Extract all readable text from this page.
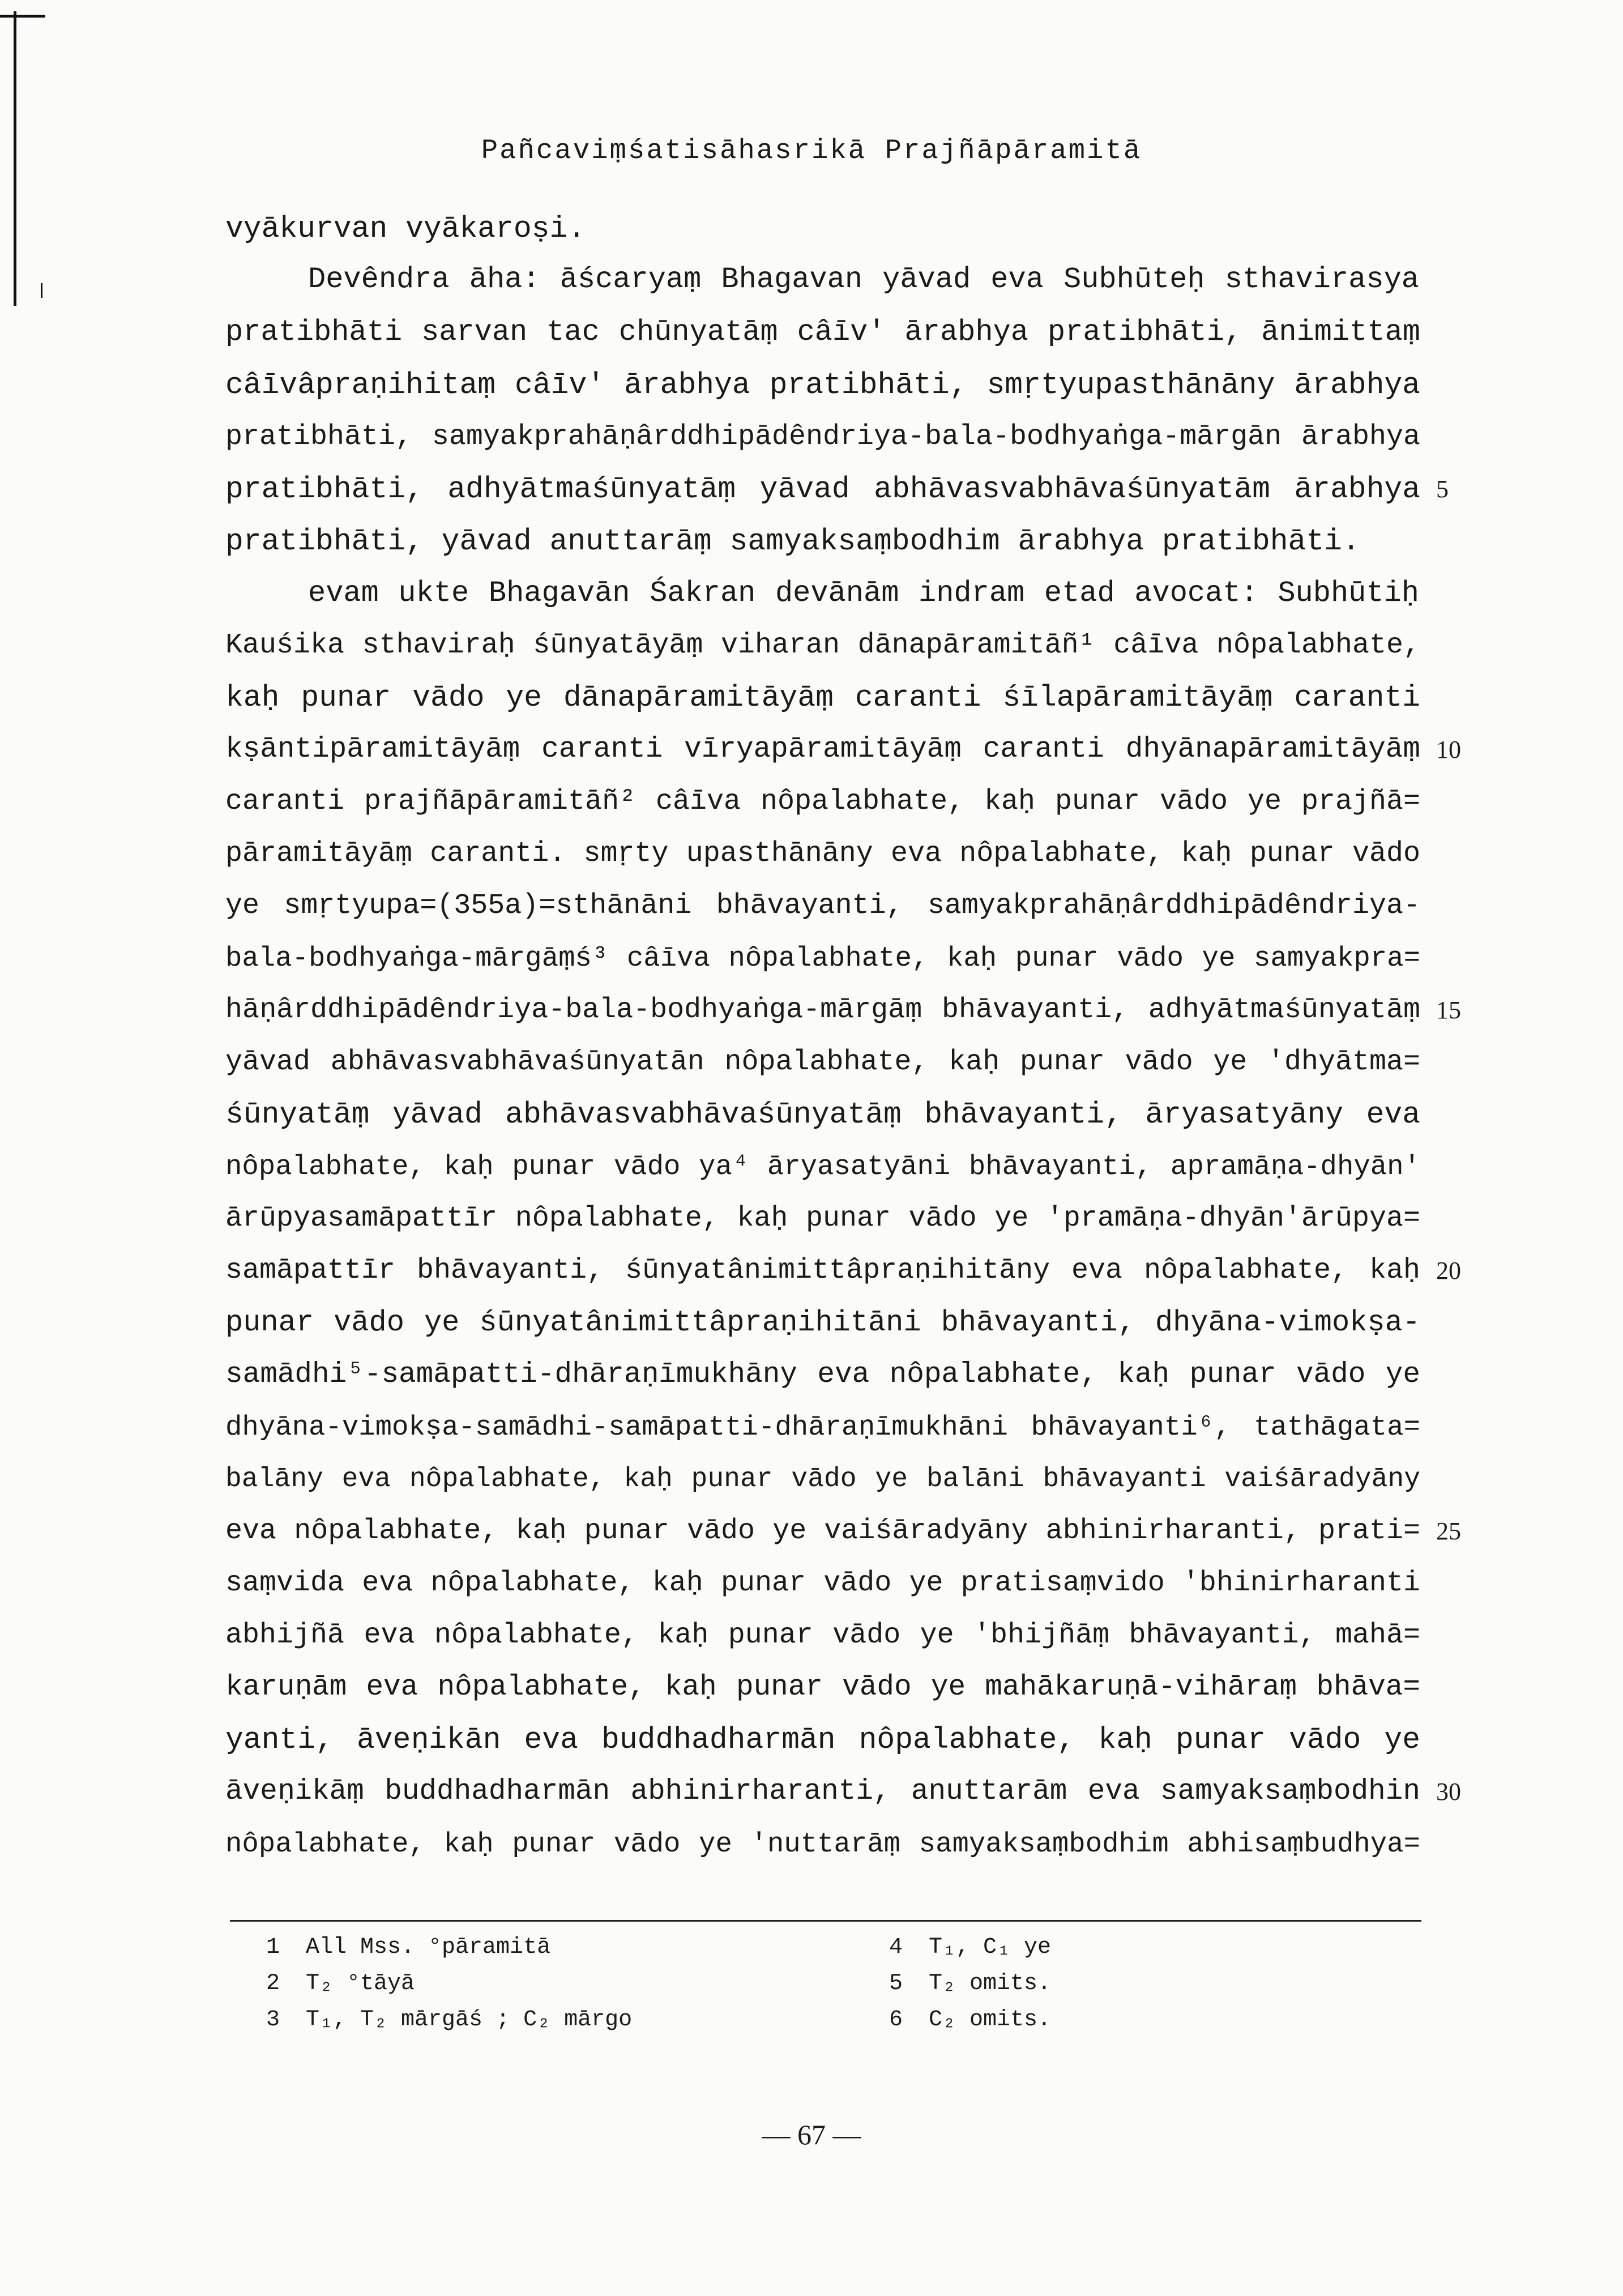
Pañcaviṃśatisāhasrikā Prajñāpāramitā
vyākurvan vyākaroṣi.
Devêndra āha: āścaryaṃ Bhagavan yāvad eva Subhūteḥ sthavirasya
pratibhāti sarvan tac chūnyatāṃ câīv' ārabhya pratibhāti, ānimittaṃ
câīvâpraṇihitaṃ câīv' ārabhya pratibhāti, smṛtyupasthānāny ārabhya
pratibhāti, samyakprahāṇârddhipādêndriya-bala-bodhyaṅga-mārgān ārabhya
pratibhāti, adhyātmaśūnyatāṃ yāvad abhāvasvabhāvaśūnyatām ārabhya
pratibhāti, yāvad anuttarāṃ samyaksaṃbodhim ārabhya pratibhāti.
evam ukte Bhagavān Śakran devānām indram etad avocat: Subhūtiḥ
Kauśika sthaviraḥ śūnyatāyāṃ viharan dānapāramitāñ¹ câīva nôpalabhate,
kaḥ punar vādo ye dānapāramitāyāṃ caranti śīlapāramitāyāṃ caranti
kṣāntipāramitāyāṃ caranti vīryapāramitāyāṃ caranti dhyānapāramitāyāṃ
caranti prajñāpāramitāñ² câīva nôpalabhate, kaḥ punar vādo ye prajñā=
pāramitāyāṃ caranti. smṛty upasthānāny eva nôpalabhate, kaḥ punar vādo
ye smṛtyupa=(355a)=sthānāni bhāvayanti, samyakprahāṇârddhipādêndriya-
bala-bodhyaṅga-mārgāṃś³ câīva nôpalabhate, kaḥ punar vādo ye samyakpra=
hāṇârddhipādêndriya-bala-bodhyaṅga-mārgāṃ bhāvayanti, adhyātmaśūnyatāṃ
yāvad abhāvasvabhāvaśūnyatān nôpalabhate, kaḥ punar vādo ye 'dhyātma=
śūnyatāṃ yāvad abhāvasvabhāvaśūnyatāṃ bhāvayanti, āryasatyāny eva
nôpalabhate, kaḥ punar vādo ya⁴ āryasatyāni bhāvayanti, apramāṇa-dhyān'
ārūpyasamāpattīr nôpalabhate, kaḥ punar vādo ye 'pramāṇa-dhyān'ārūpya=
samāpattīr bhāvayanti, śūnyatânimittâpraṇihitāny eva nôpalabhate, kaḥ
punar vādo ye śūnyatânimittâpraṇihitāni bhāvayanti, dhyāna-vimokṣa-
samādhi⁵-samāpatti-dhāraṇīmukhāny eva nôpalabhate, kaḥ punar vādo ye
dhyāna-vimokṣa-samādhi-samāpatti-dhāraṇīmukhāni bhāvayanti⁶, tathāgata=
balāny eva nôpalabhate, kaḥ punar vādo ye balāni bhāvayanti vaiśāradyāny
eva nôpalabhate, kaḥ punar vādo ye vaiśāradyāny abhinirharanti, prati=
saṃvida eva nôpalabhate, kaḥ punar vādo ye pratisaṃvido 'bhinirharanti
abhijñā eva nôpalabhate, kaḥ punar vādo ye 'bhijñāṃ bhāvayanti, mahā=
karuṇām eva nôpalabhate, kaḥ punar vādo ye mahākaruṇā-vihāraṃ bhāva=
yanti, āveṇikān eva buddhadharmān nôpalabhate, kaḥ punar vādo ye
āveṇikāṃ buddhadharmān abhinirharanti, anuttarām eva samyaksaṃbodhin
nôpalabhate, kaḥ punar vādo ye 'nuttarāṃ samyaksaṃbodhim abhisaṃbudhya=
5
10
15
20
25
30
1 All Mss. °pāramitā
2 T₂ °tāyā
3 T₁, T₂ mārgāś ; C₂ mārgo
4 T₁, C₁ ye
5 T₂ omits.
6 C₂ omits.
— 67 —
